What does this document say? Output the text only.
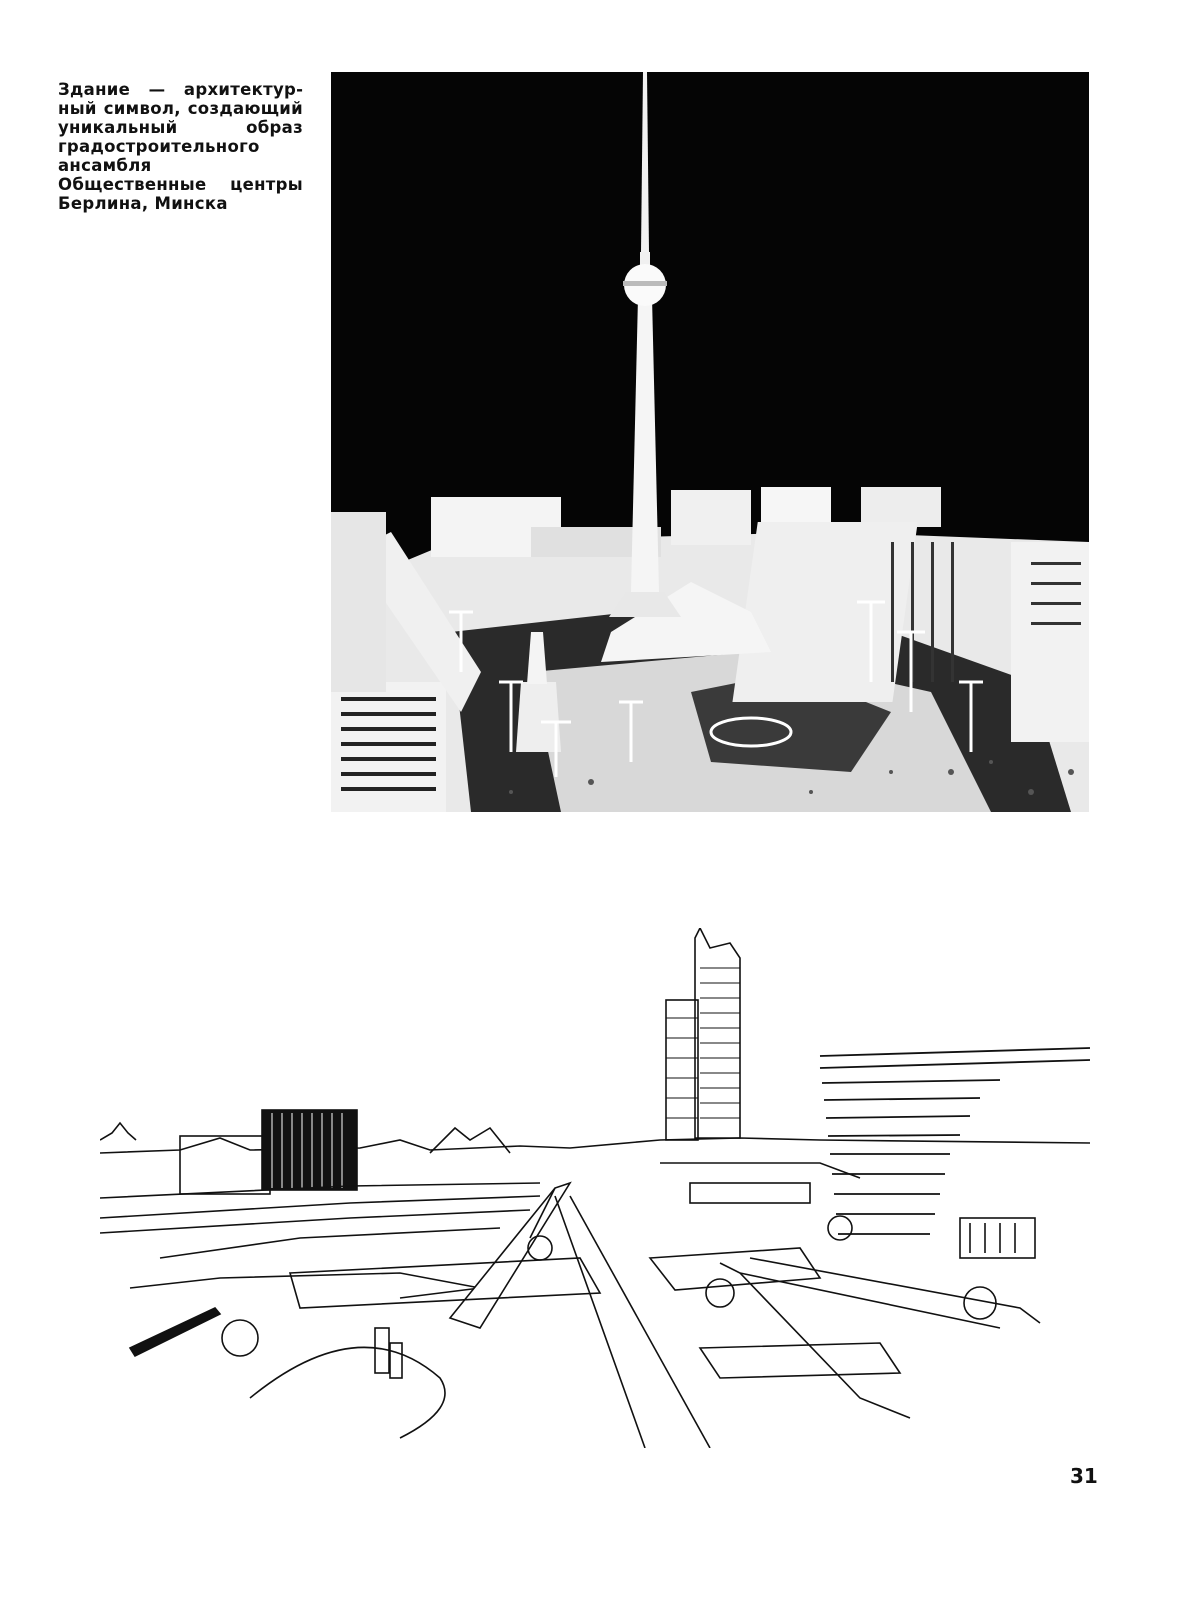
Здание — архитектурный символ, создающий уникальный образ градостроительного ансамбля

Общественные центры Берлина, Минска

31
